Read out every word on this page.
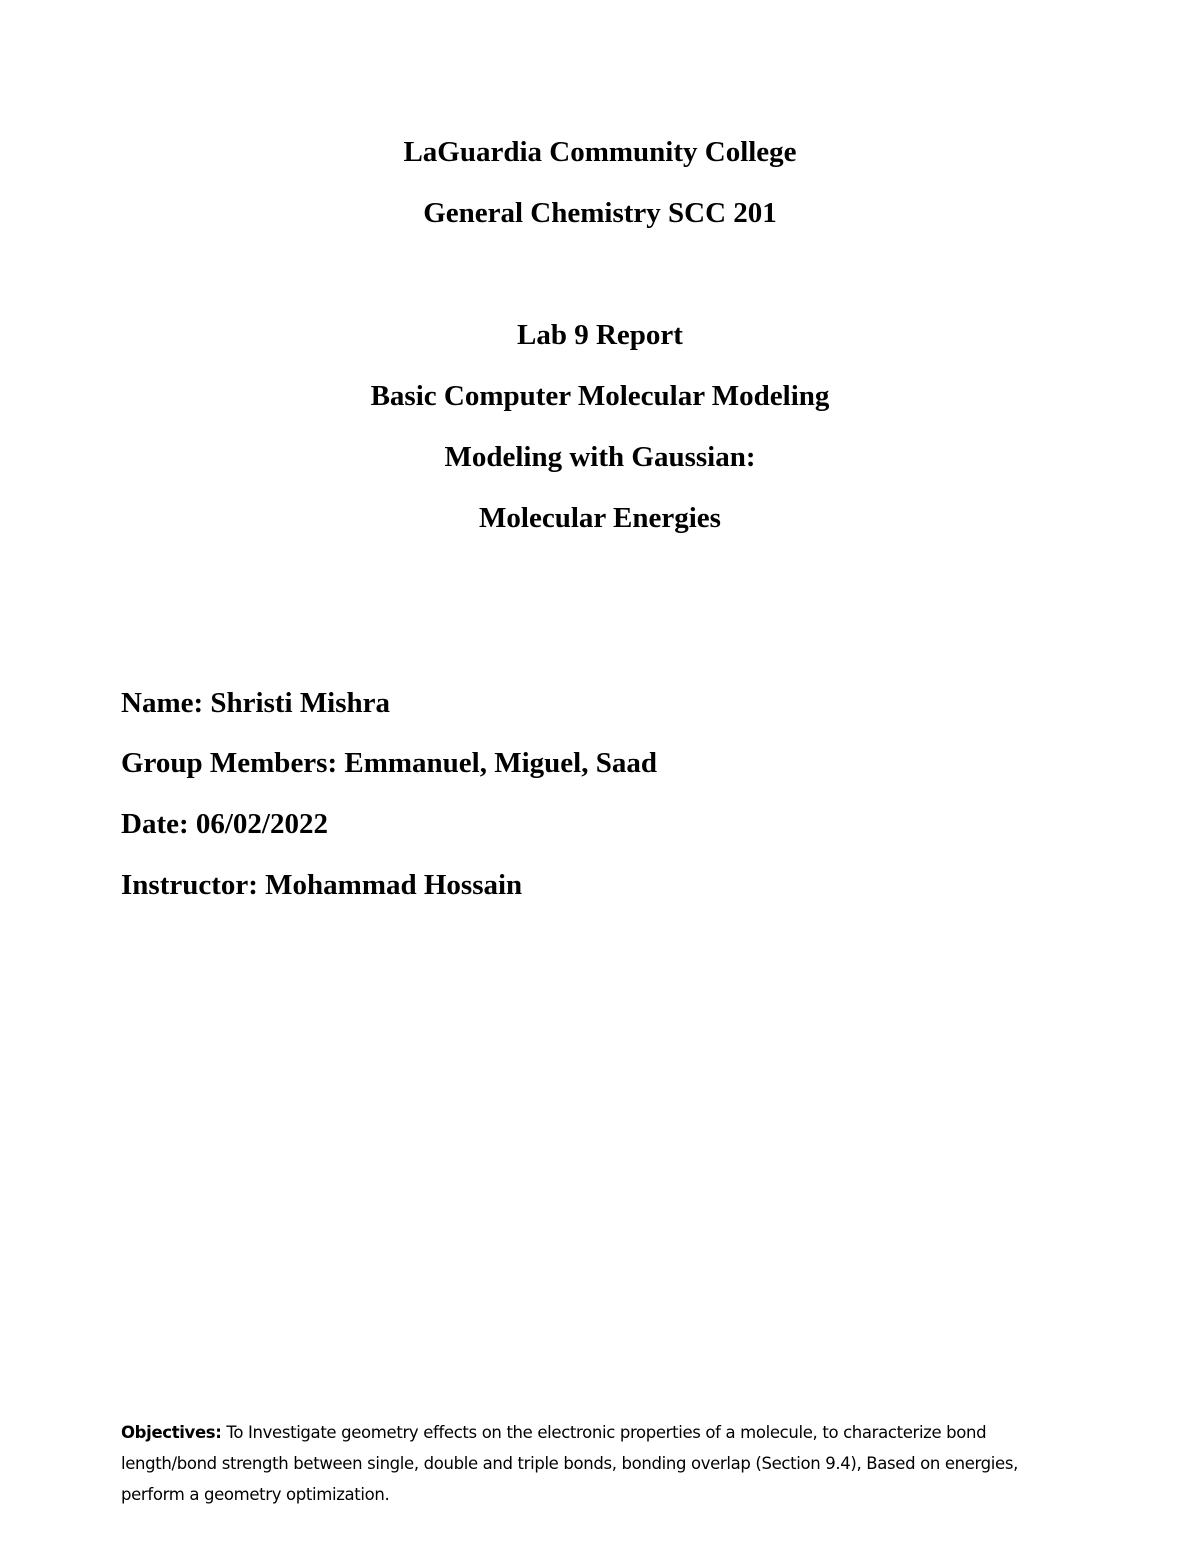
LaGuardia Community College
General Chemistry SCC 201
Lab 9 Report
Basic Computer Molecular Modeling
Modeling with Gaussian:
Molecular Energies
Name: Shristi Mishra
Group Members: Emmanuel, Miguel, Saad
Date: 06/02/2022
Instructor: Mohammad Hossain
Objectives: To Investigate geometry effects on the electronic properties of a molecule, to characterize bond length/bond strength between single, double and triple bonds, bonding overlap (Section 9.4), Based on energies, perform a geometry optimization.
